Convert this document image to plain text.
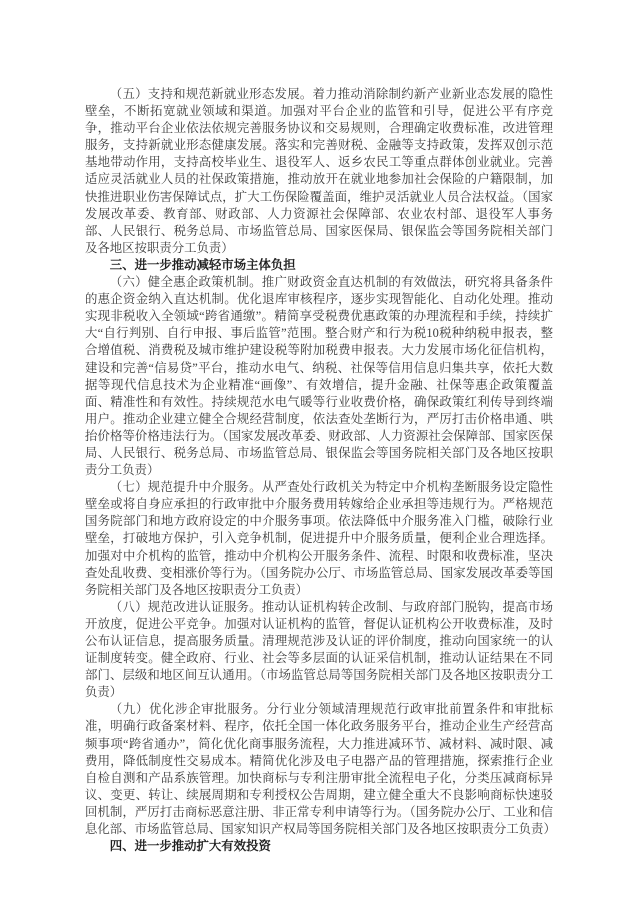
（五）支持和规范新就业形态发展。着力推动消除制约新产业新业态发展的隐性壁垒，不断拓宽就业领域和渠道。加强对平台企业的监管和引导，促进公平有序竞争，推动平台企业依法依规完善服务协议和交易规则，合理确定收费标准，改进管理服务，支持新就业形态健康发展。落实和完善财税、金融等支持政策，发挥双创示范基地带动作用，支持高校毕业生、退役军人、返乡农民工等重点群体创业就业。完善适应灵活就业人员的社保政策措施，推动放开在就业地参加社会保险的户籍限制，加快推进职业伤害保障试点，扩大工伤保险覆盖面，维护灵活就业人员合法权益。（国家发展改革委、教育部、财政部、人力资源社会保障部、农业农村部、退役军人事务部、人民银行、税务总局、市场监管总局、国家医保局、银保监会等国务院相关部门及各地区按职责分工负责）

三、进一步推动减轻市场主体负担

（六）健全惠企政策机制。推广财政资金直达机制的有效做法，研究将具备条件的惠企资金纳入直达机制。优化退库审核程序，逐步实现智能化、自动化处理。推动实现非税收入全领域“跨省通缴”。精简享受税费优惠政策的办理流程和手续，持续扩大“自行判别、自行申报、事后监管”范围。整合财产和行为税10税种纳税申报表，整合增值税、消费税及城市维护建设税等附加税费申报表。大力发展市场化征信机构，建设和完善“信易贷”平台，推动水电气、纳税、社保等信用信息归集共享，依托大数据等现代信息技术为企业精准“画像”、有效增信，提升金融、社保等惠企政策覆盖面、精准性和有效性。持续规范水电气暖等行业收费价格，确保政策红利传导到终端用户。推动企业建立健全合规经营制度，依法查处垄断行为，严厉打击价格串通、哄抬价格等价格违法行为。（国家发展改革委、财政部、人力资源社会保障部、国家医保局、人民银行、税务总局、市场监管总局、银保监会等国务院相关部门及各地区按职责分工负责）

（七）规范提升中介服务。从严查处行政机关为特定中介机构垄断服务设定隐性壁垒或将自身应承担的行政审批中介服务费用转嫁给企业承担等违规行为。严格规范国务院部门和地方政府设定的中介服务事项。依法降低中介服务准入门槛，破除行业壁垒，打破地方保护，引入竞争机制，促进提升中介服务质量，便利企业合理选择。加强对中介机构的监管，推动中介机构公开服务条件、流程、时限和收费标准，坚决查处乱收费、变相涨价等行为。（国务院办公厅、市场监管总局、国家发展改革委等国务院相关部门及各地区按职责分工负责）

（八）规范改进认证服务。推动认证机构转企改制、与政府部门脱钩，提高市场开放度，促进公平竞争。加强对认证机构的监管，督促认证机构公开收费标准，及时公布认证信息，提高服务质量。清理规范涉及认证的评价制度，推动向国家统一的认证制度转变。健全政府、行业、社会等多层面的认证采信机制，推动认证结果在不同部门、层级和地区间互认通用。（市场监管总局等国务院相关部门及各地区按职责分工负责）

（九）优化涉企审批服务。分行业分领域清理规范行政审批前置条件和审批标准，明确行政备案材料、程序，依托全国一体化政务服务平台，推动企业生产经营高频事项“跨省通办”，简化优化商事服务流程，大力推进减环节、减材料、减时限、减费用，降低制度性交易成本。精简优化涉及电子电器产品的管理措施，探索推行企业自检自测和产品系族管理。加快商标与专利注册审批全流程电子化，分类压减商标异议、变更、转让、续展周期和专利授权公告周期，建立健全重大不良影响商标快速驳回机制，严厉打击商标恶意注册、非正常专利申请等行为。（国务院办公厅、工业和信息化部、市场监管总局、国家知识产权局等国务院相关部门及各地区按职责分工负责）

四、进一步推动扩大有效投资
